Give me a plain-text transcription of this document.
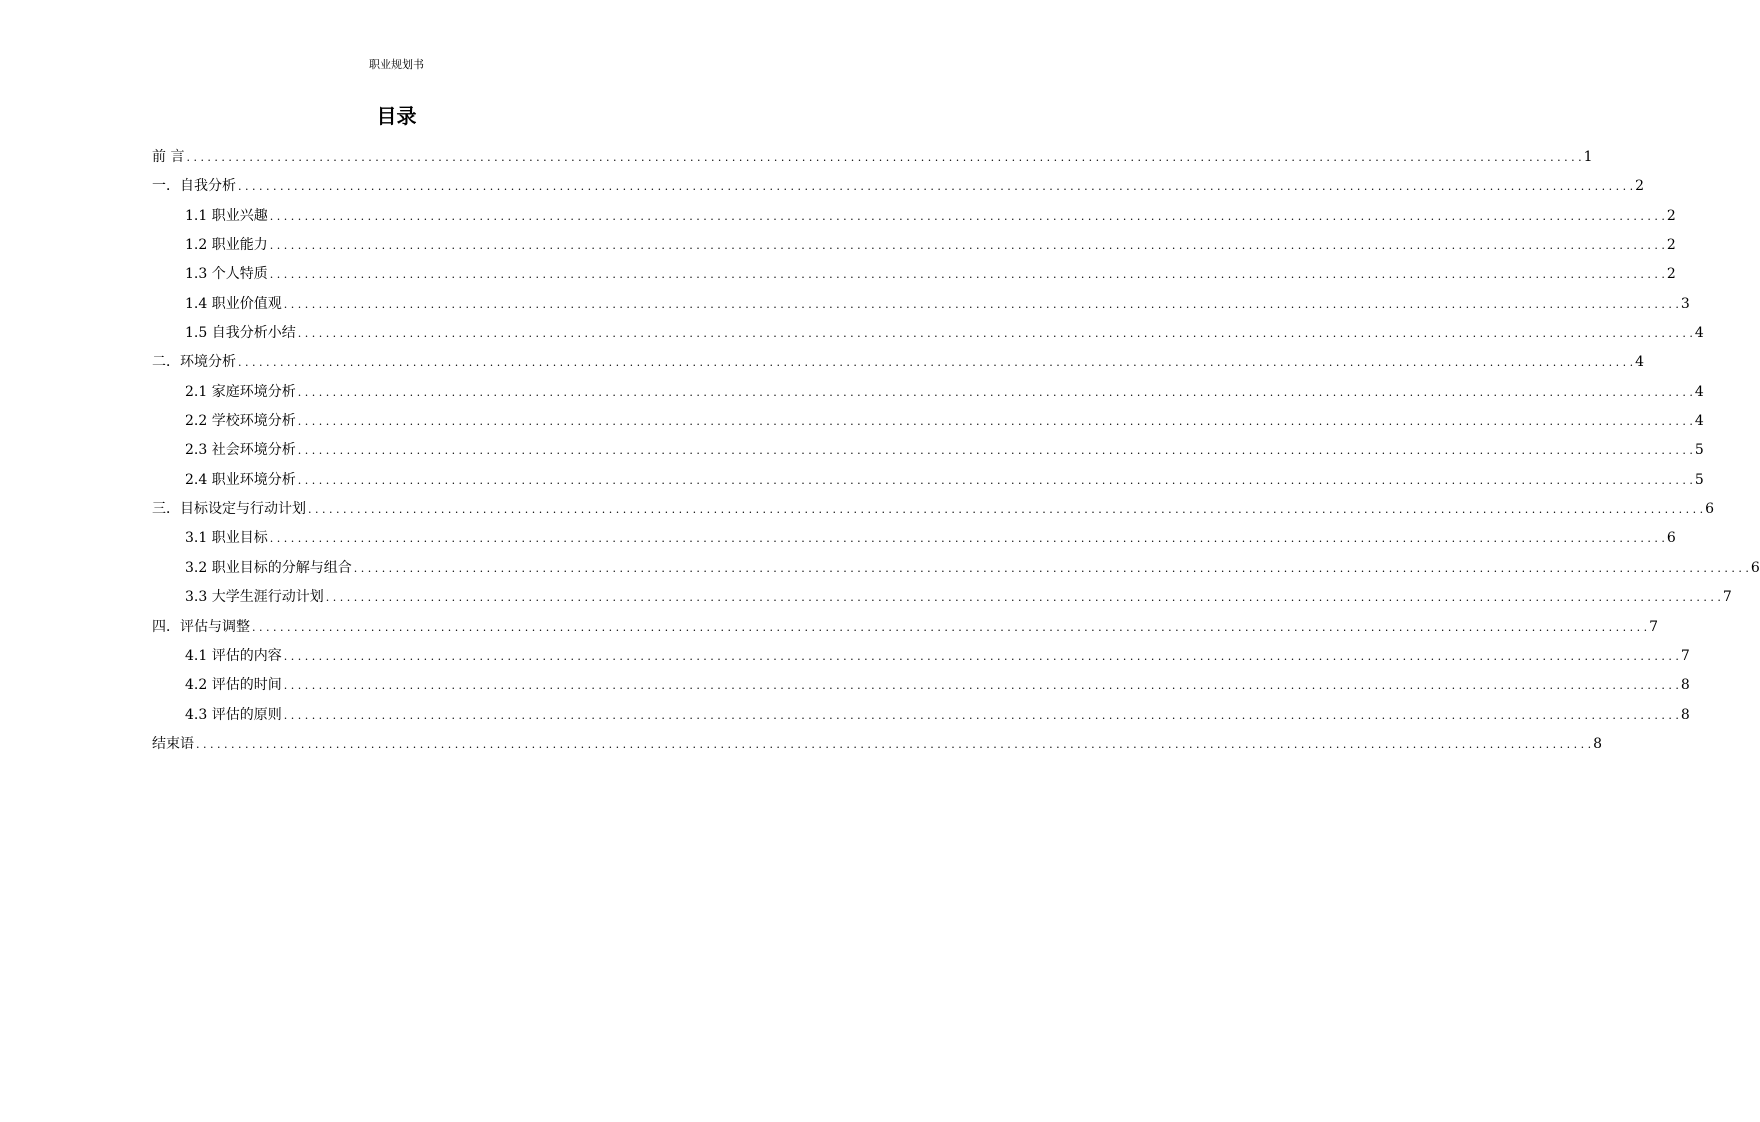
职业规划书
目录
前 言 . . . . . . . . . . . . . . . . . . . . . . . . . . . . . . . . . . . . . . . . . . . . . . . . . . . . . . . . . . . . . . . . . . . . . . . . . . . . . . . . . . . . . . . . . . . . . . . . . . . . . . . . . . . . . . . . . . . . . . . . . . . . . . . . . . . . . . . . . . . . . . . . . . . . . . . . . . . . . . . . . . . . . . . . . . . . . . . . . . . . . . . . . . . . . . . . . . . . . . . . 1
一．自我分析 . . . . . . . . . . . . . . . . . . . . . . . . . . . . . . . . . . . . . . . . . . . . . . . . . . . . . . . . . . . . . . . . . . . . . . . . . . . . . . . . . . . . . . . . . . . . . . . . . . . . . . . . . . . . . . . . . . . . . . . . . . . . . . . . . . . . . . . . . . . . . . . . . . . . . . . . . . . . . . . . . . . . . . . . . . . . . . . . . . . . . . . . . . . . . . . . . . . . . . . . 2
1.1 职业兴趣 . . . . . . . . . . . . . . . . . . . . . . . . . . . . . . . . . . . . . . . . . . . . . . . . . . . . . . . . . . . . . . . . . . . . . . . . . . . . . . . . . . . . . . . . . . . . . . . . . . . . . . . . . . . . . . . . . . . . . . . . . . . . . . . . . . . . . . . . . . . . . . . . . . . . . . . . . . . . . . . . . . . . . . . . . . . . . . . . . . . . . . . . . . . . . . . . . . . . . . . . 2
1.2 职业能力 . . . . . . . . . . . . . . . . . . . . . . . . . . . . . . . . . . . . . . . . . . . . . . . . . . . . . . . . . . . . . . . . . . . . . . . . . . . . . . . . . . . . . . . . . . . . . . . . . . . . . . . . . . . . . . . . . . . . . . . . . . . . . . . . . . . . . . . . . . . . . . . . . . . . . . . . . . . . . . . . . . . . . . . . . . . . . . . . . . . . . . . . . . . . . . . . . . . . . . . . 2
1.3 个人特质 . . . . . . . . . . . . . . . . . . . . . . . . . . . . . . . . . . . . . . . . . . . . . . . . . . . . . . . . . . . . . . . . . . . . . . . . . . . . . . . . . . . . . . . . . . . . . . . . . . . . . . . . . . . . . . . . . . . . . . . . . . . . . . . . . . . . . . . . . . . . . . . . . . . . . . . . . . . . . . . . . . . . . . . . . . . . . . . . . . . . . . . . . . . . . . . . . . . . . . . . 2
1.4 职业价值观 . . . . . . . . . . . . . . . . . . . . . . . . . . . . . . . . . . . . . . . . . . . . . . . . . . . . . . . . . . . . . . . . . . . . . . . . . . . . . . . . . . . . . . . . . . . . . . . . . . . . . . . . . . . . . . . . . . . . . . . . . . . . . . . . . . . . . . . . . . . . . . . . . . . . . . . . . . . . . . . . . . . . . . . . . . . . . . . . . . . . . . . . . . . . . . . . . . . . . . . . 3
1.5 自我分析小结 . . . . . . . . . . . . . . . . . . . . . . . . . . . . . . . . . . . . . . . . . . . . . . . . . . . . . . . . . . . . . . . . . . . . . . . . . . . . . . . . . . . . . . . . . . . . . . . . . . . . . . . . . . . . . . . . . . . . . . . . . . . . . . . . . . . . . . . . . . . . . . . . . . . . . . . . . . . . . . . . . . . . . . . . . . . . . . . . . . . . . . . . . . . . . . . . . . . . . . . . 4
二．环境分析 . . . . . . . . . . . . . . . . . . . . . . . . . . . . . . . . . . . . . . . . . . . . . . . . . . . . . . . . . . . . . . . . . . . . . . . . . . . . . . . . . . . . . . . . . . . . . . . . . . . . . . . . . . . . . . . . . . . . . . . . . . . . . . . . . . . . . . . . . . . . . . . . . . . . . . . . . . . . . . . . . . . . . . . . . . . . . . . . . . . . . . . . . . . . . . . . . . . . . . . . 4
2.1 家庭环境分析 . . . . . . . . . . . . . . . . . . . . . . . . . . . . . . . . . . . . . . . . . . . . . . . . . . . . . . . . . . . . . . . . . . . . . . . . . . . . . . . . . . . . . . . . . . . . . . . . . . . . . . . . . . . . . . . . . . . . . . . . . . . . . . . . . . . . . . . . . . . . . . . . . . . . . . . . . . . . . . . . . . . . . . . . . . . . . . . . . . . . . . . . . . . . . . . . . . . . . . . . 4
2.2 学校环境分析 . . . . . . . . . . . . . . . . . . . . . . . . . . . . . . . . . . . . . . . . . . . . . . . . . . . . . . . . . . . . . . . . . . . . . . . . . . . . . . . . . . . . . . . . . . . . . . . . . . . . . . . . . . . . . . . . . . . . . . . . . . . . . . . . . . . . . . . . . . . . . . . . . . . . . . . . . . . . . . . . . . . . . . . . . . . . . . . . . . . . . . . . . . . . . . . . . . . . . . . . 4
2.3 社会环境分析 . . . . . . . . . . . . . . . . . . . . . . . . . . . . . . . . . . . . . . . . . . . . . . . . . . . . . . . . . . . . . . . . . . . . . . . . . . . . . . . . . . . . . . . . . . . . . . . . . . . . . . . . . . . . . . . . . . . . . . . . . . . . . . . . . . . . . . . . . . . . . . . . . . . . . . . . . . . . . . . . . . . . . . . . . . . . . . . . . . . . . . . . . . . . . . . . . . . . . . . . 5
2.4 职业环境分析 . . . . . . . . . . . . . . . . . . . . . . . . . . . . . . . . . . . . . . . . . . . . . . . . . . . . . . . . . . . . . . . . . . . . . . . . . . . . . . . . . . . . . . . . . . . . . . . . . . . . . . . . . . . . . . . . . . . . . . . . . . . . . . . . . . . . . . . . . . . . . . . . . . . . . . . . . . . . . . . . . . . . . . . . . . . . . . . . . . . . . . . . . . . . . . . . . . . . . . . . 5
三．目标设定与行动计划 . . . . . . . . . . . . . . . . . . . . . . . . . . . . . . . . . . . . . . . . . . . . . . . . . . . . . . . . . . . . . . . . . . . . . . . . . . . . . . . . . . . . . . . . . . . . . . . . . . . . . . . . . . . . . . . . . . . . . . . . . . . . . . . . . . . . . . . . . . . . . . . . . . . . . . . . . . . . . . . . . . . . . . . . . . . . . . . . . . . . . . . . . . . . . . . . . . . . . . . . 6
3.1 职业目标 . . . . . . . . . . . . . . . . . . . . . . . . . . . . . . . . . . . . . . . . . . . . . . . . . . . . . . . . . . . . . . . . . . . . . . . . . . . . . . . . . . . . . . . . . . . . . . . . . . . . . . . . . . . . . . . . . . . . . . . . . . . . . . . . . . . . . . . . . . . . . . . . . . . . . . . . . . . . . . . . . . . . . . . . . . . . . . . . . . . . . . . . . . . . . . . . . . . . . . . . 6
3.2 职业目标的分解与组合 . . . . . . . . . . . . . . . . . . . . . . . . . . . . . . . . . . . . . . . . . . . . . . . . . . . . . . . . . . . . . . . . . . . . . . . . . . . . . . . . . . . . . . . . . . . . . . . . . . . . . . . . . . . . . . . . . . . . . . . . . . . . . . . . . . . . . . . . . . . . . . . . . . . . . . . . . . . . . . . . . . . . . . . . . . . . . . . . . . . . . . . . . . . . . . . . . . . . . . . . 6
3.3 大学生涯行动计划 . . . . . . . . . . . . . . . . . . . . . . . . . . . . . . . . . . . . . . . . . . . . . . . . . . . . . . . . . . . . . . . . . . . . . . . . . . . . . . . . . . . . . . . . . . . . . . . . . . . . . . . . . . . . . . . . . . . . . . . . . . . . . . . . . . . . . . . . . . . . . . . . . . . . . . . . . . . . . . . . . . . . . . . . . . . . . . . . . . . . . . . . . . . . . . . . . . . . . . . . 7
四．评估与调整 . . . . . . . . . . . . . . . . . . . . . . . . . . . . . . . . . . . . . . . . . . . . . . . . . . . . . . . . . . . . . . . . . . . . . . . . . . . . . . . . . . . . . . . . . . . . . . . . . . . . . . . . . . . . . . . . . . . . . . . . . . . . . . . . . . . . . . . . . . . . . . . . . . . . . . . . . . . . . . . . . . . . . . . . . . . . . . . . . . . . . . . . . . . . . . . . . . . . . . . . 7
4.1 评估的内容 . . . . . . . . . . . . . . . . . . . . . . . . . . . . . . . . . . . . . . . . . . . . . . . . . . . . . . . . . . . . . . . . . . . . . . . . . . . . . . . . . . . . . . . . . . . . . . . . . . . . . . . . . . . . . . . . . . . . . . . . . . . . . . . . . . . . . . . . . . . . . . . . . . . . . . . . . . . . . . . . . . . . . . . . . . . . . . . . . . . . . . . . . . . . . . . . . . . . . . . . 7
4.2 评估的时间 . . . . . . . . . . . . . . . . . . . . . . . . . . . . . . . . . . . . . . . . . . . . . . . . . . . . . . . . . . . . . . . . . . . . . . . . . . . . . . . . . . . . . . . . . . . . . . . . . . . . . . . . . . . . . . . . . . . . . . . . . . . . . . . . . . . . . . . . . . . . . . . . . . . . . . . . . . . . . . . . . . . . . . . . . . . . . . . . . . . . . . . . . . . . . . . . . . . . . . . . 8
4.3 评估的原则 . . . . . . . . . . . . . . . . . . . . . . . . . . . . . . . . . . . . . . . . . . . . . . . . . . . . . . . . . . . . . . . . . . . . . . . . . . . . . . . . . . . . . . . . . . . . . . . . . . . . . . . . . . . . . . . . . . . . . . . . . . . . . . . . . . . . . . . . . . . . . . . . . . . . . . . . . . . . . . . . . . . . . . . . . . . . . . . . . . . . . . . . . . . . . . . . . . . . . . . . 8
结束语 . . . . . . . . . . . . . . . . . . . . . . . . . . . . . . . . . . . . . . . . . . . . . . . . . . . . . . . . . . . . . . . . . . . . . . . . . . . . . . . . . . . . . . . . . . . . . . . . . . . . . . . . . . . . . . . . . . . . . . . . . . . . . . . . . . . . . . . . . . . . . . . . . . . . . . . . . . . . . . . . . . . . . . . . . . . . . . . . . . . . . . . . . . . . . . . . . . . . . . . . 8
